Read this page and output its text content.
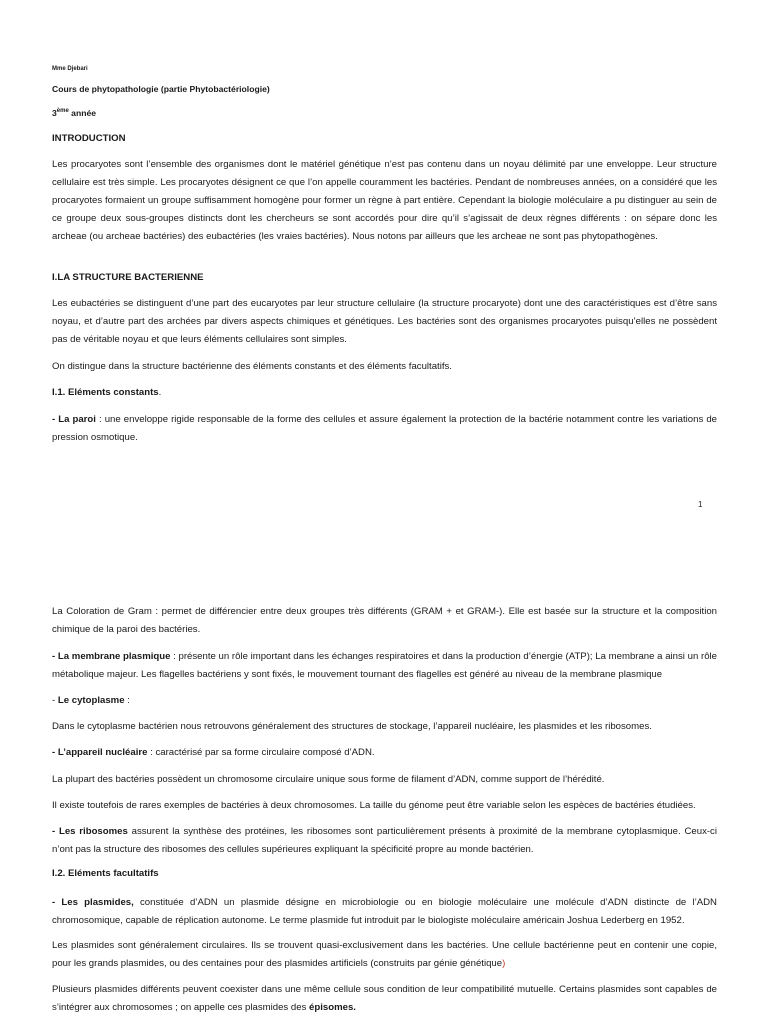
Mme Djebari
Cours de phytopathologie (partie Phytobactériologie)
3ème année
INTRODUCTION

Les procaryotes sont l’ensemble des organismes dont le matériel génétique n’est pas contenu dans un noyau délimité par une enveloppe. Leur structure cellulaire est très simple. Les procaryotes désignent ce que l’on appelle couramment les bactéries. Pendant de nombreuses années, on a considéré que les procaryotes formaient un groupe suffisamment homogène pour former un règne à part entière. Cependant la biologie moléculaire a pu distinguer au sein de ce groupe deux sous-groupes distincts dont les chercheurs se sont accordés pour dire qu’il s’agissait de deux règnes différents : on sépare donc les archeae (ou archeae bactéries) des eubactéries (les vraies bactéries). Nous notons par ailleurs que les archeae ne sont pas phytopathogènes.

I.LA STRUCTURE BACTERIENNE

Les eubactéries se distinguent d’une part des eucaryotes par leur structure cellulaire (la structure procaryote) dont une des caractéristiques est d’être sans noyau, et d’autre part des archées par divers aspects chimiques et génétiques. Les bactéries sont des organismes procaryotes puisqu’elles ne possèdent pas de véritable noyau et que leurs éléments cellulaires sont simples.

On distingue dans la structure bactérienne des éléments constants et des éléments facultatifs.

I.1. Eléments constants.

- La paroi : une enveloppe rigide responsable de la forme des cellules et assure également la protection de la bactérie notamment contre les variations de pression osmotique.

1

La Coloration de Gram : permet de différencier entre deux groupes très différents (GRAM + et GRAM-). Elle est basée sur la structure et la composition chimique de la paroi des bactéries.

- La membrane plasmique : présente un rôle important dans les échanges respiratoires et dans la production d’énergie (ATP); La membrane a ainsi un rôle métabolique majeur. Les flagelles bactériens y sont fixés, le mouvement tournant des flagelles est généré au niveau de la membrane plasmique

- Le cytoplasme :

Dans le cytoplasme bactérien nous retrouvons généralement des structures de stockage, l’appareil nucléaire, les plasmides et les ribosomes.

- L’appareil nucléaire : caractérisé par sa forme circulaire composé d’ADN.

La plupart des bactéries possèdent un chromosome circulaire unique sous forme de filament d’ADN, comme support de l’hérédité.

Il existe toutefois de rares exemples de bactéries à deux chromosomes. La taille du génome peut être variable selon les espèces de bactéries étudiées.

- Les ribosomes assurent la synthèse des protéines, les ribosomes sont particulièrement présents à proximité de la membrane cytoplasmique. Ceux-ci n’ont pas la structure des ribosomes des cellules supérieures expliquant la spécificité propre au monde bactérien.

I.2. Eléments facultatifs

- Les plasmides, constituée d’ADN un plasmide désigne en microbiologie ou en biologie moléculaire une molécule d’ADN distincte de l’ADN chromosomique, capable de réplication autonome. Le terme plasmide fut introduit par le biologiste moléculaire américain Joshua Lederberg en 1952.

Les plasmides sont généralement circulaires. Ils se trouvent quasi-exclusivement dans les bactéries. Une cellule bactérienne peut en contenir une copie, pour les grands plasmides, ou des centaines pour des plasmides artificiels (construits par génie génétique)

Plusieurs plasmides différents peuvent coexister dans une même cellule sous condition de leur compatibilité mutuelle. Certains plasmides sont capables de s’intégrer aux chromosomes ; on appelle ces plasmides des épisomes.
